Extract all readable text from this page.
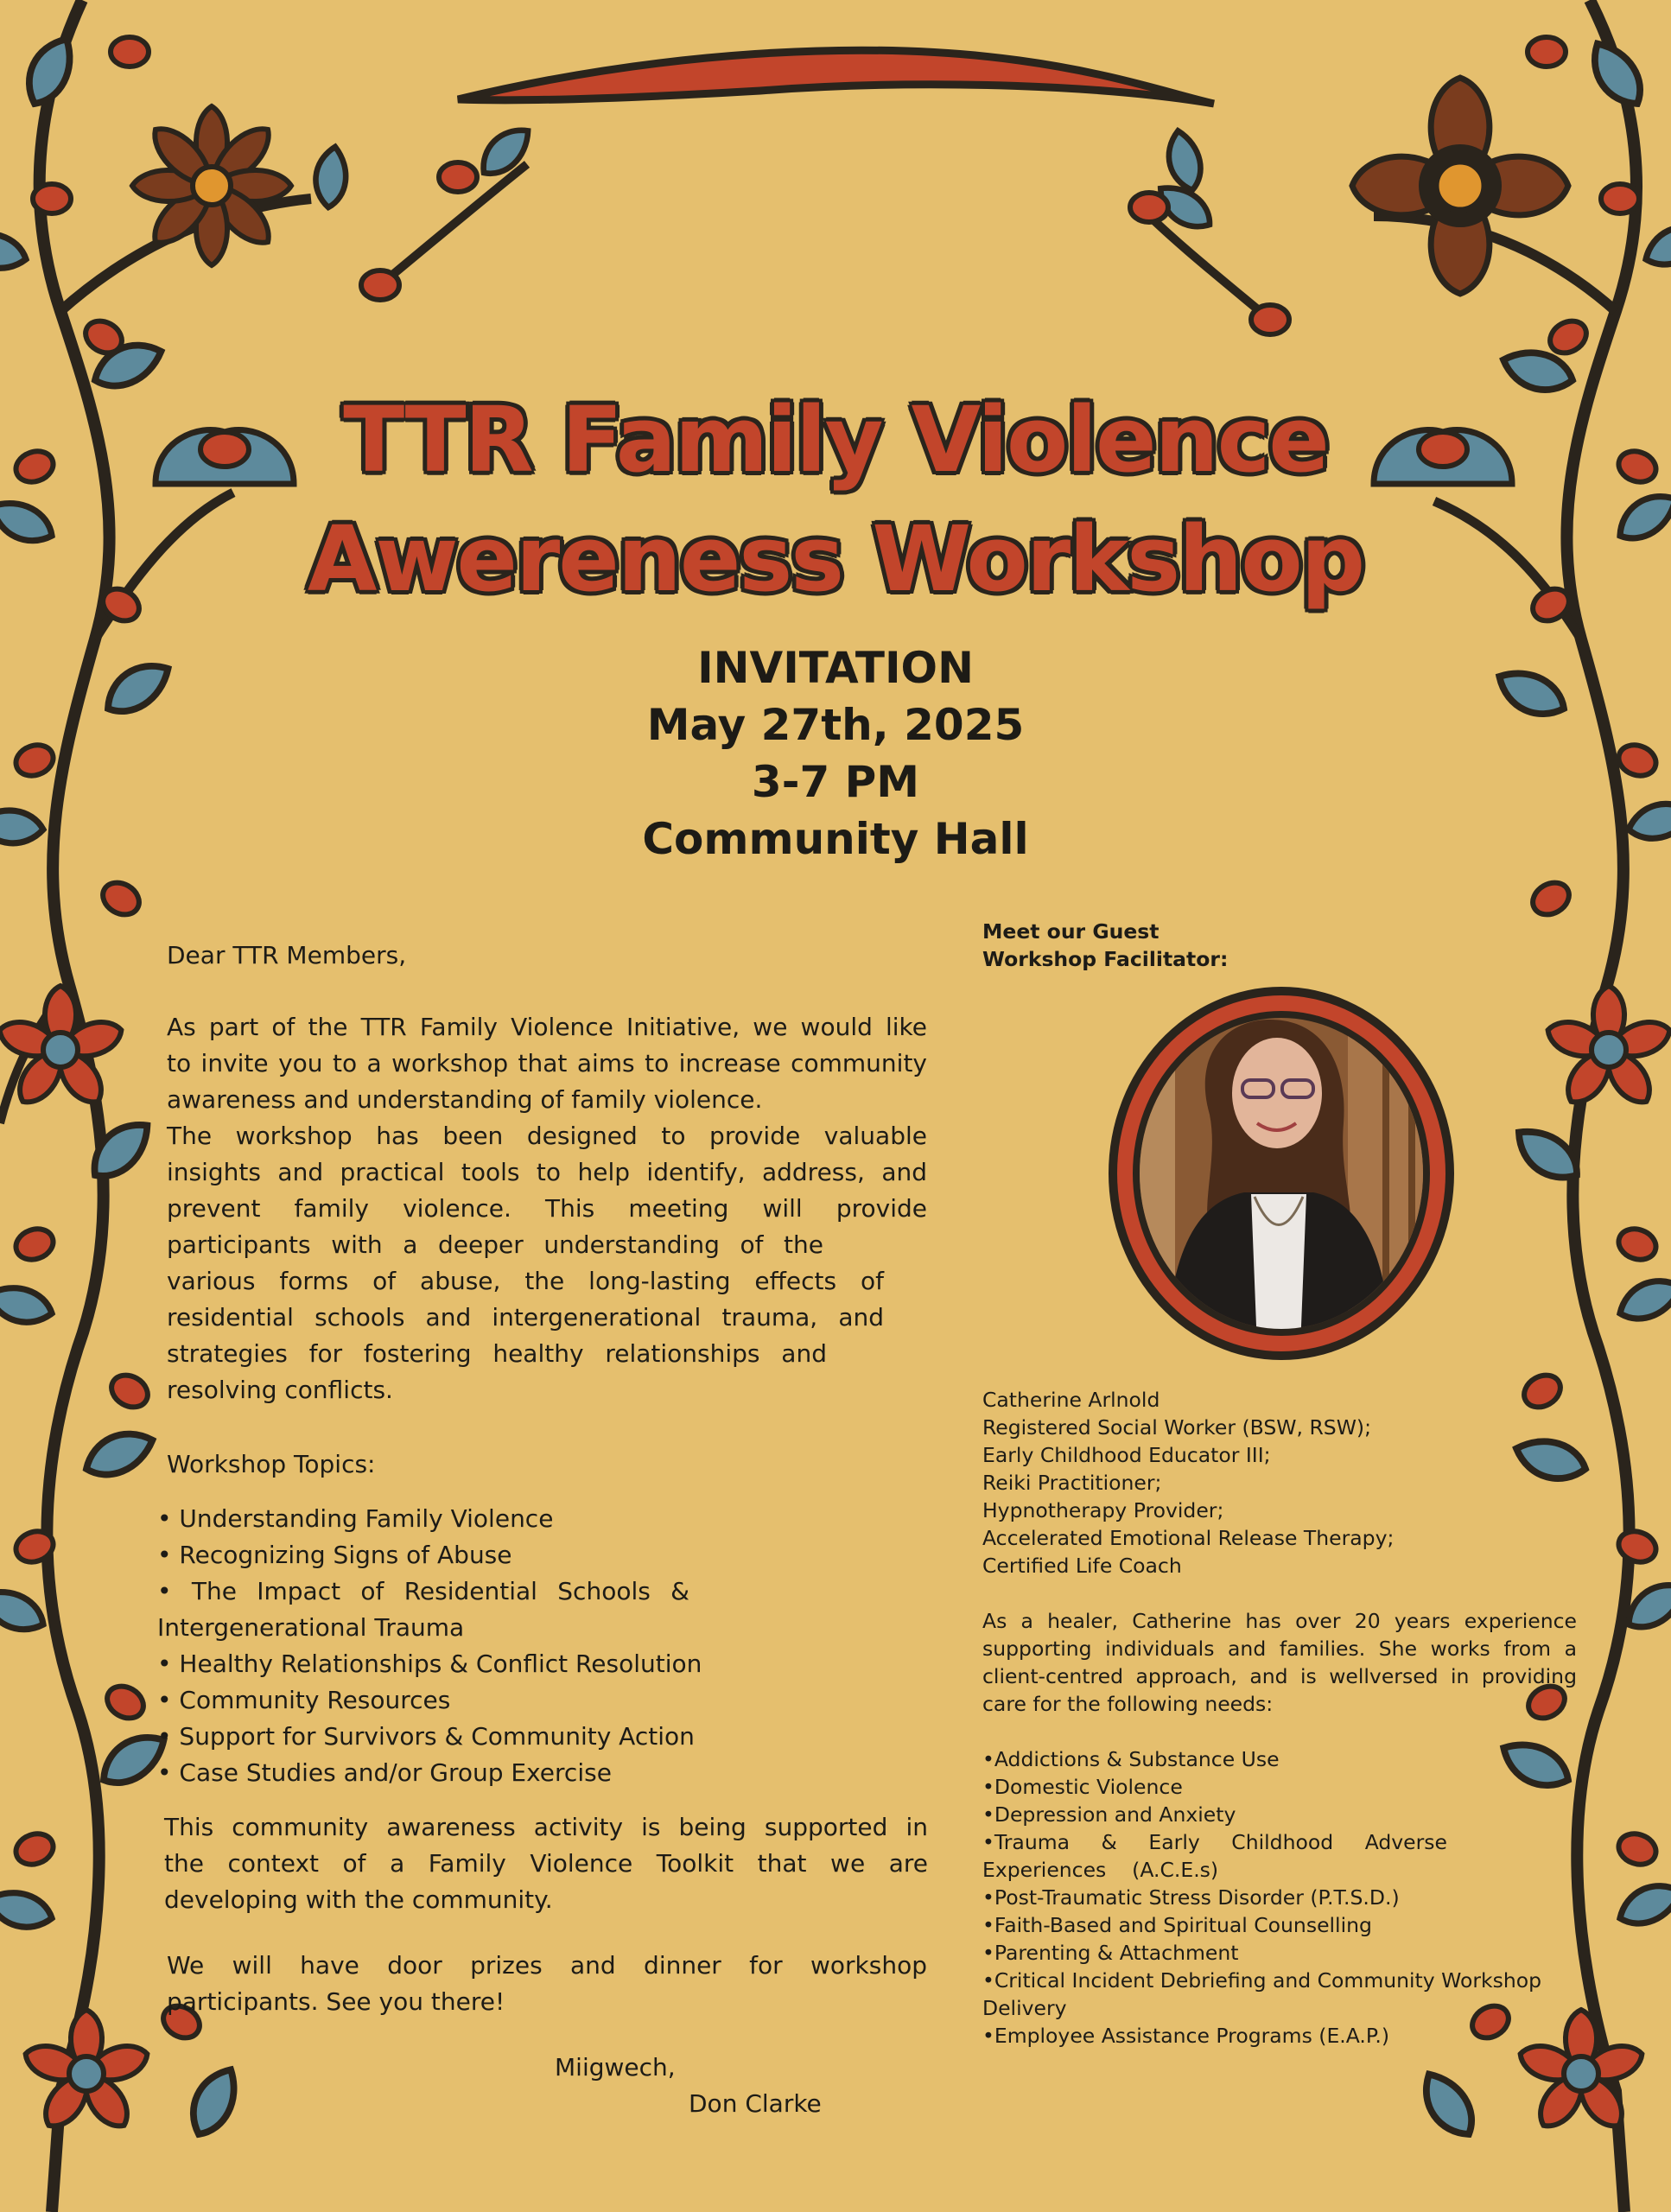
TTR Family Violence
Awereness Workshop
INVITATION
May 27th, 2025
3-7 PM
Community Hall
Dear TTR Members,
As part of the TTR Family Violence Initiative, we would like
to invite you to a workshop that aims to increase community
awareness and understanding of family violence.
The workshop has been designed to provide valuable
insights and practical tools to help identify, address, and
prevent family violence. This meeting will provide
participants with a deeper understanding of the
various forms of abuse, the long-lasting effects of
residential schools and intergenerational trauma, and
strategies for fostering healthy relationships and
resolving conflicts.
Workshop Topics:
• Understanding Family Violence
• Recognizing Signs of Abuse
• The Impact of Residential Schools &
Intergenerational Trauma
• Healthy Relationships & Conflict Resolution
• Community Resources
• Support for Survivors & Community Action
• Case Studies and/or Group Exercise
This community awareness activity is being supported in
the context of a Family Violence Toolkit that we are
developing with the community.
We will have door prizes and dinner for workshop
participants. See you there!
Miigwech,
Don Clarke
Meet our Guest
Workshop Facilitator:
Catherine Arlnold
Registered Social Worker (BSW, RSW);
Early Childhood Educator III;
Reiki Practitioner;
Hypnotherapy Provider;
Accelerated Emotional Release Therapy;
Certified Life Coach
As a healer, Catherine has over 20 years experience
supporting individuals and families. She works from a
client-centred approach, and is wellversed in providing
care for the following needs:
•Addictions & Substance Use
•Domestic Violence
•Depression and Anxiety
•Trauma & Early Childhood Adverse
Experiences    (A.C.E.s)
•Post-Traumatic Stress Disorder (P.T.S.D.)
•Faith-Based and Spiritual Counselling
•Parenting & Attachment
•Critical Incident Debriefing and Community Workshop
Delivery
•Employee Assistance Programs (E.A.P.)
